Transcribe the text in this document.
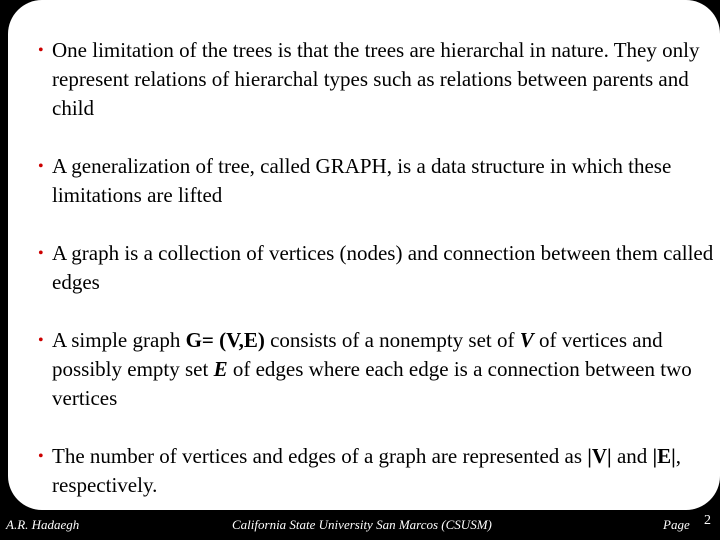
• One limitation of the trees is that the trees are hierarchal in nature. They only represent relations of hierarchal types such as relations between parents and child
• A generalization of tree, called GRAPH, is a data structure in which these limitations are lifted
• A graph is a collection of vertices (nodes) and connection between them called edges
• A simple graph G= (V,E) consists of a nonempty set of V of vertices and possibly empty set E of edges where each edge is a connection between two vertices
• The number of vertices and edges of a graph are represented as |V| and |E|, respectively.
A.R. Hadaegh	California State University San Marcos (CSUSM)	Page 2
